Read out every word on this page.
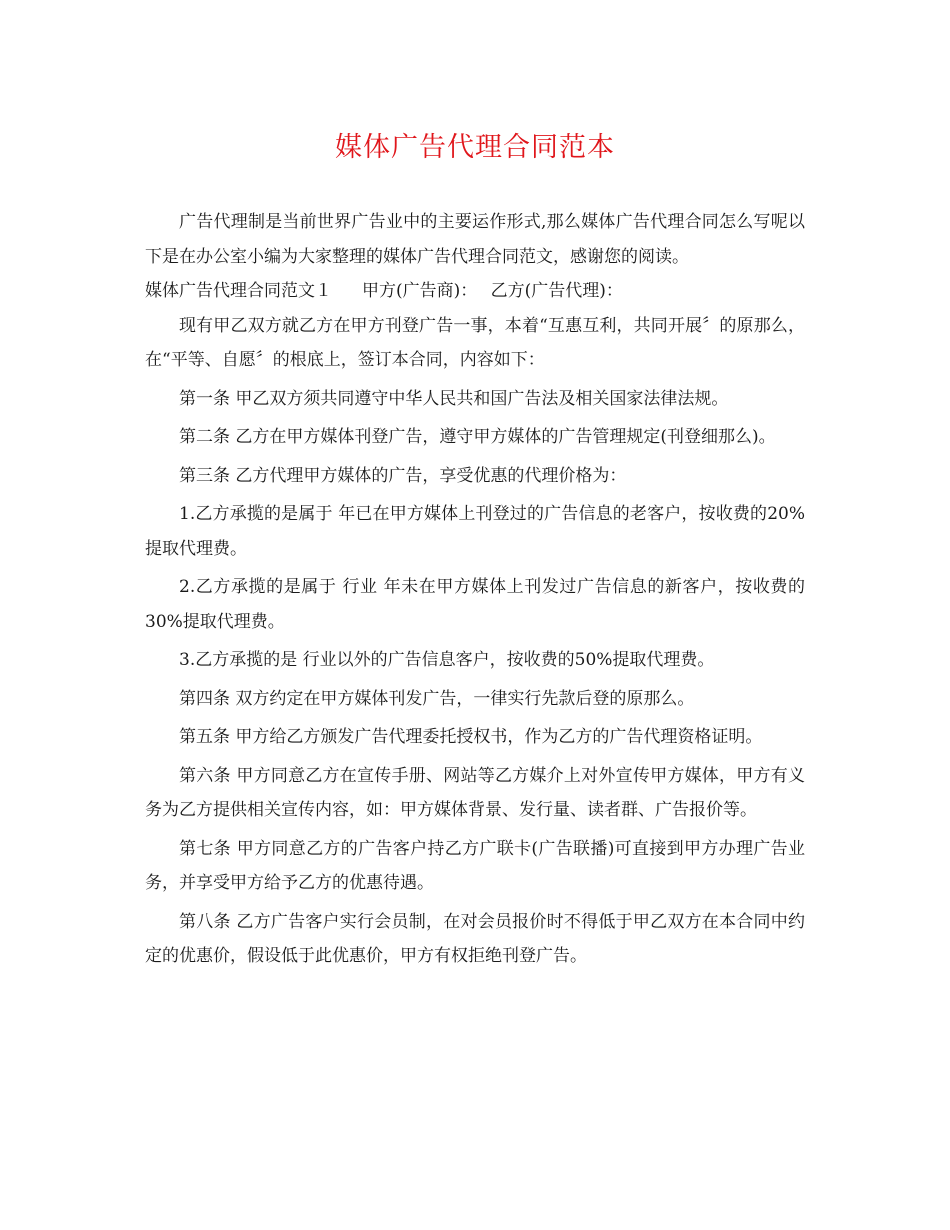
媒体广告代理合同范本

广告代理制是当前世界广告业中的主要运作形式,那么媒体广告代理合同怎么写呢以下是在办公室小编为大家整理的媒体广告代理合同范文，感谢您的阅读。

媒体广告代理合同范文１ 甲方(广告商)： 乙方(广告代理)：

现有甲乙双方就乙方在甲方刊登广告一事，本着“互惠互利，共同开展〞的原那么，在“平等、自愿〞的根底上，签订本合同，内容如下：

第一条 甲乙双方须共同遵守中华人民共和国广告法及相关国家法律法规。

第二条 乙方在甲方媒体刊登广告，遵守甲方媒体的广告管理规定(刊登细那么)。

第三条 乙方代理甲方媒体的广告，享受优惠的代理价格为：

1.乙方承揽的是属于 年已在甲方媒体上刊登过的广告信息的老客户，按收费的20%提取代理费。

2.乙方承揽的是属于 行业 年未在甲方媒体上刊发过广告信息的新客户，按收费的30%提取代理费。

3.乙方承揽的是 行业以外的广告信息客户，按收费的50%提取代理费。

第四条 双方约定在甲方媒体刊发广告，一律实行先款后登的原那么。

第五条 甲方给乙方颁发广告代理委托授权书，作为乙方的广告代理资格证明。

第六条 甲方同意乙方在宣传手册、网站等乙方媒介上对外宣传甲方媒体，甲方有义务为乙方提供相关宣传内容，如：甲方媒体背景、发行量、读者群、广告报价等。

第七条 甲方同意乙方的广告客户持乙方广联卡(广告联播)可直接到甲方办理广告业务，并享受甲方给予乙方的优惠待遇。

第八条 乙方广告客户实行会员制，在对会员报价时不得低于甲乙双方在本合同中约定的优惠价，假设低于此优惠价，甲方有权拒绝刊登广告。
